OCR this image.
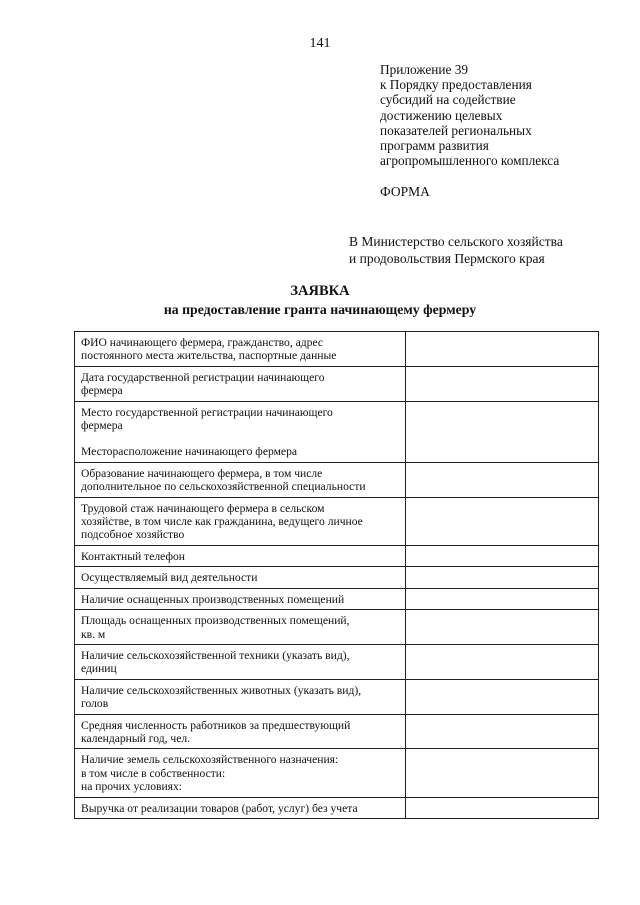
141
Приложение 39
к Порядку предоставления
субсидий на содействие
достижению целевых
показателей региональных
программ развития
агропромышленного комплекса
ФОРМА
В Министерство сельского хозяйства
и продовольствия Пермского края
ЗАЯВКА
на предоставление гранта начинающему фермеру
ФИО начинающего фермера, гражданство, адрес
постоянного места жительства, паспортные данные	

Дата государственной регистрации начинающего
фермера	

Место государственной регистрации начинающего
фермера
Месторасположение начинающего фермера	

Образование начинающего фермера, в том числе
дополнительное по сельскохозяйственной специальности	

Трудовой стаж начинающего фермера в сельском
хозяйстве, в том числе как гражданина, ведущего личное
подсобное хозяйство	

Контактный телефон	

Осуществляемый вид деятельности	

Наличие оснащенных производственных помещений	

Площадь оснащенных производственных помещений,
кв. м	

Наличие сельскохозяйственной техники (указать вид),
единиц	

Наличие сельскохозяйственных животных (указать вид),
голов	

Средняя численность работников за предшествующий
календарный год, чел.	

Наличие земель сельскохозяйственного назначения:
в том числе в собственности:
на прочих условиях:	

Выручка от реализации товаров (работ, услуг) без учета	
